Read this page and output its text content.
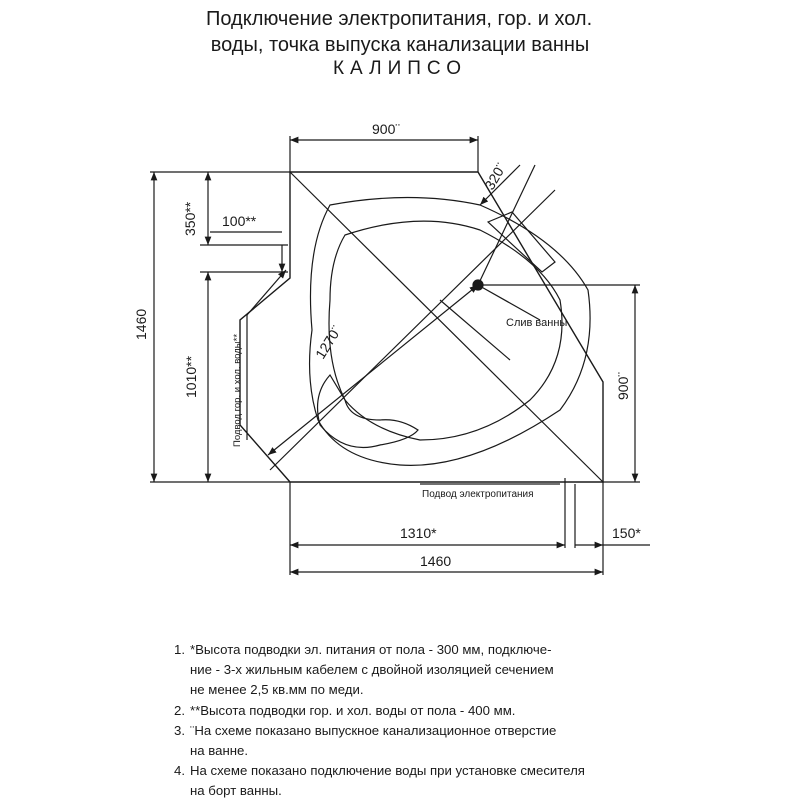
Подключение электропитания, гор. и хол.
воды, точка выпуска канализации ванны
КАЛИПСО
900¨
320¨
350** 100**
1460
1010**	Подвод гор. и хол. воды**	1270¨	Слив ванны
900¨
Подвод электропитания
1310*	150*
1460
1. *Высота подводки эл. питания от пола - 300 мм, подключе-
ние - 3-х жильным кабелем с двойной изоляцией сечением
не менее 2,5 кв.мм по меди.
2. **Высота подводки гор. и хол. воды от пола - 400 мм.
3. ¨На схеме показано выпускное канализационное отверстие
на ванне.
4. На схеме показано подключение воды при установке смесителя
на борт ванны.
